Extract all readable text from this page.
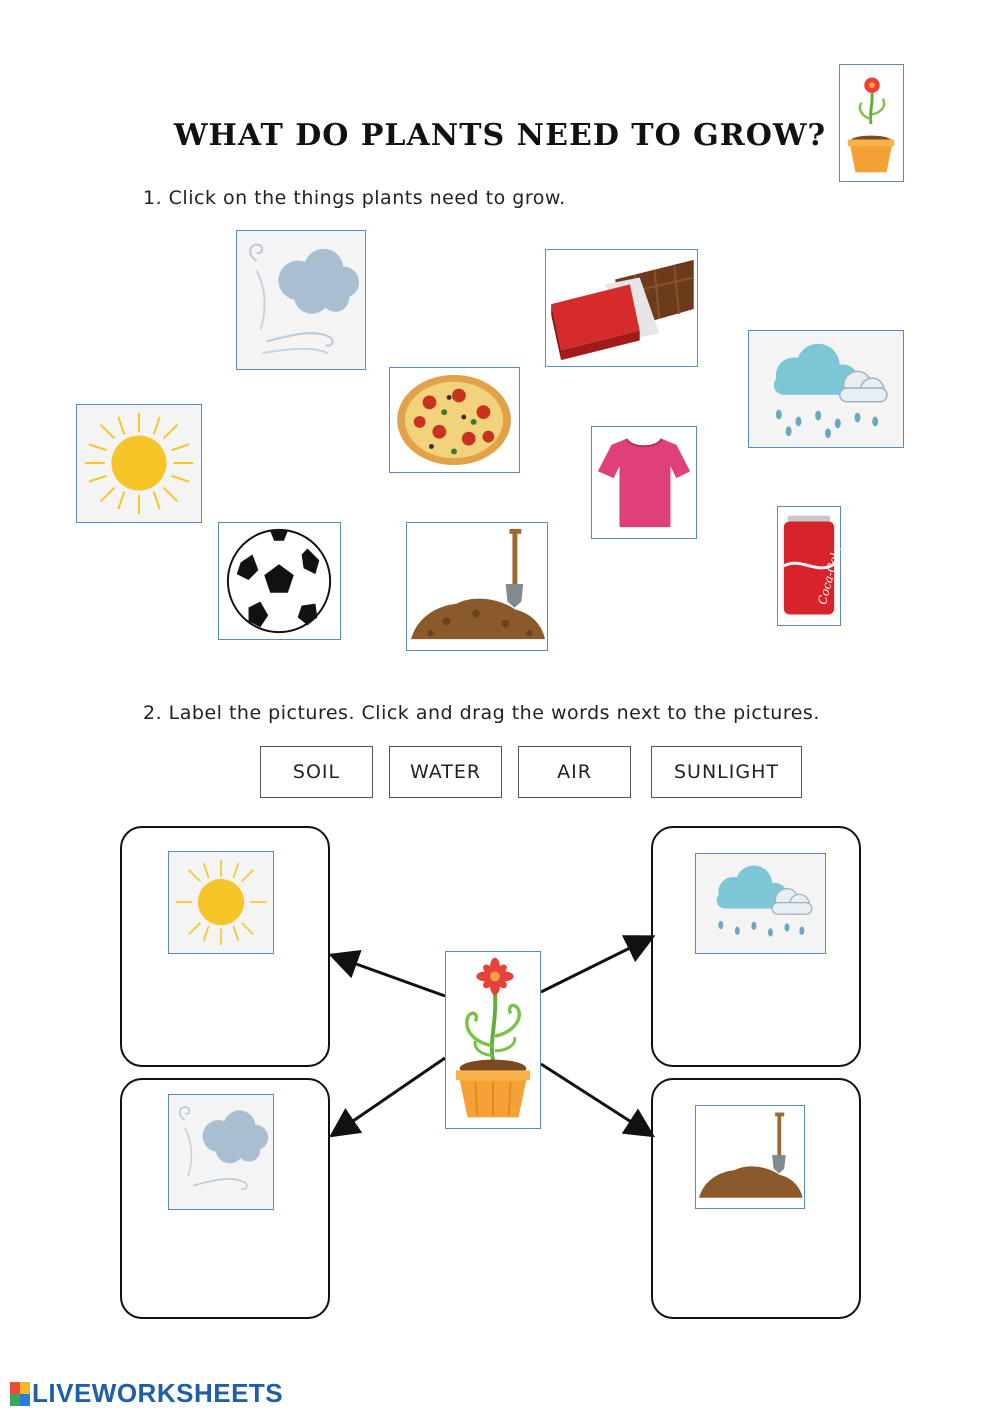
WHAT DO PLANTS NEED TO GROW?
1. Click on the things plants need to grow.
Coca-Cola
2. Label the pictures. Click and drag the words next to the pictures.
SOIL	WATER	AIR	SUNLIGHT
LIVEWORKSHEETS
